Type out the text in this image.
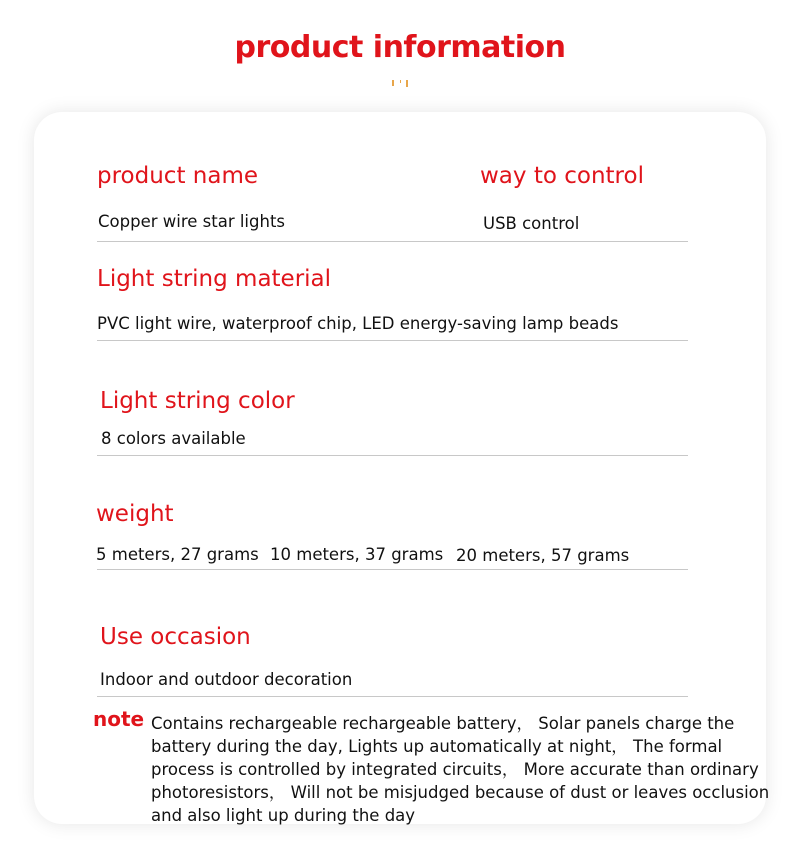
product information
product name
Copper wire star lights
way to control
USB control
Light string material
PVC light wire, waterproof chip, LED energy-saving lamp beads
Light string color
8 colors available
weight
5 meters, 27 grams 10 meters, 37 grams 20 meters, 57 grams
Use occasion
Indoor and outdoor decoration
note Contains rechargeable rechargeable battery， Solar panels charge the battery during the day, Lights up automatically at night， The formal process is controlled by integrated circuits， More accurate than ordinary photoresistors， Will not be misjudged because of dust or leaves occlusion and also light up during the day
